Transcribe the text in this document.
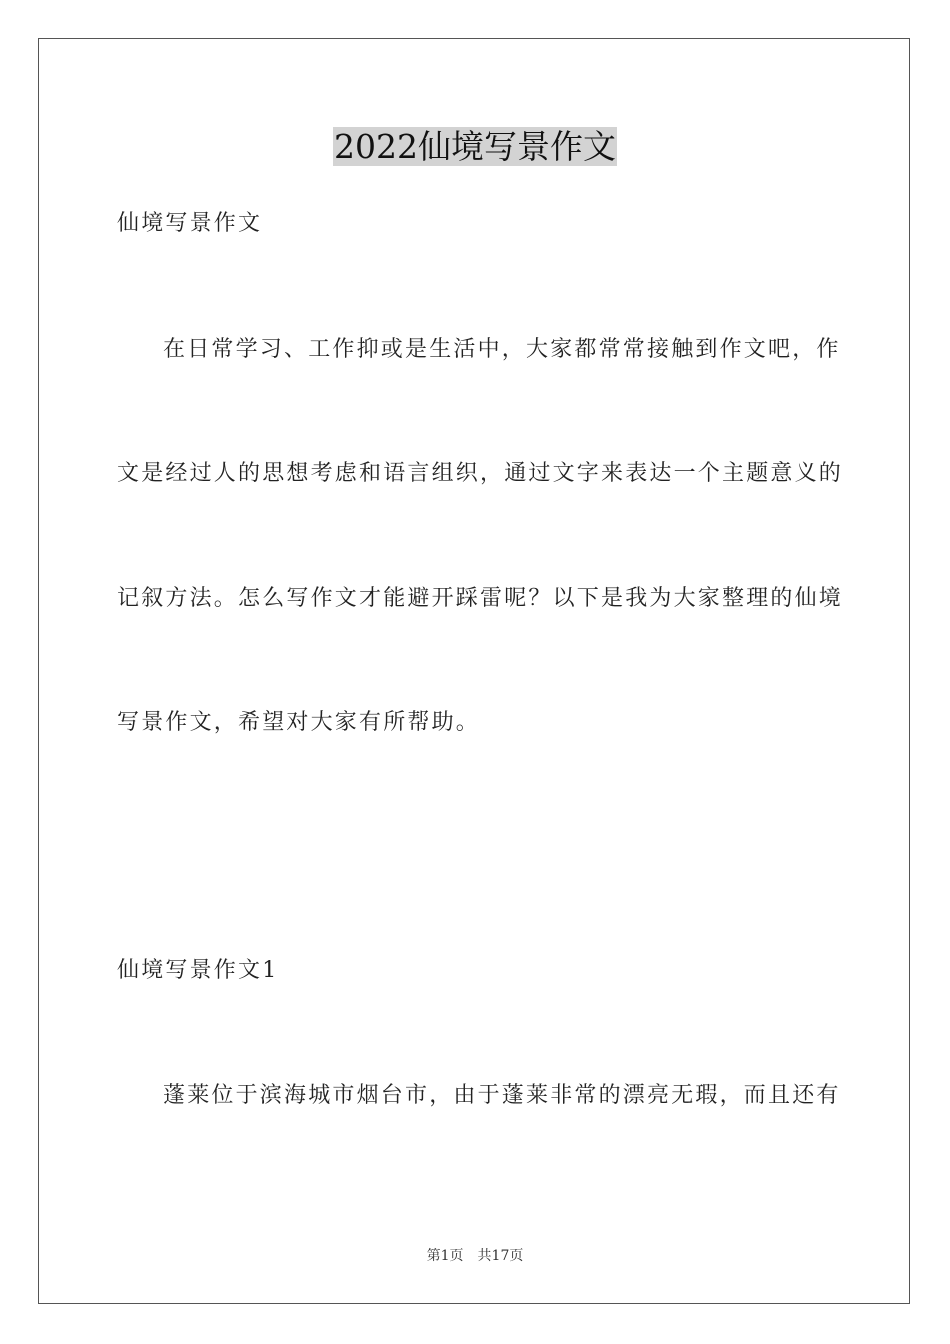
2022仙境写景作文

仙境写景作文

在日常学习、工作抑或是生活中，大家都常常接触到作文吧，作

文是经过人的思想考虑和语言组织，通过文字来表达一个主题意义的

记叙方法。怎么写作文才能避开踩雷呢？以下是我为大家整理的仙境

写景作文，希望对大家有所帮助。

仙境写景作文1

蓬莱位于滨海城市烟台市，由于蓬莱非常的漂亮无瑕，而且还有

第1页 共17页
